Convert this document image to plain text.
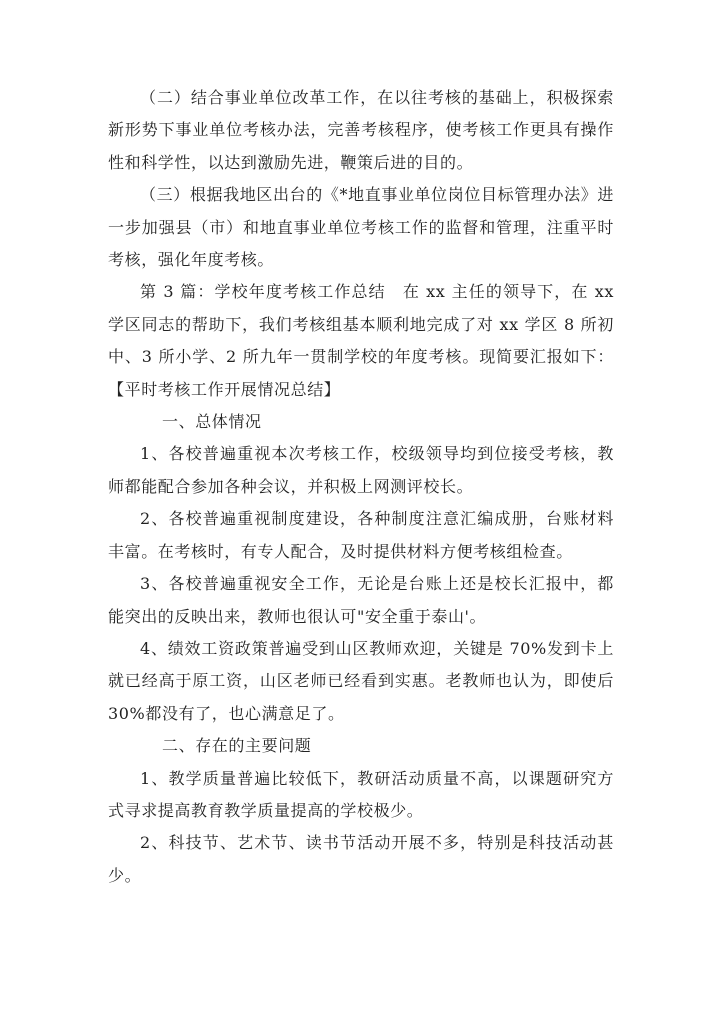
（二）结合事业单位改革工作，在以往考核的基础上，积极探索新形势下事业单位考核办法，完善考核程序，使考核工作更具有操作性和科学性，以达到激励先进，鞭策后进的目的。

（三）根据我地区出台的《*地直事业单位岗位目标管理办法》进一步加强县（市）和地直事业单位考核工作的监督和管理，注重平时考核，强化年度考核。

第 3 篇：学校年度考核工作总结　在 xx 主任的领导下，在 xx 学区同志的帮助下，我们考核组基本顺利地完成了对 xx 学区 8 所初中、3 所小学、2 所九年一贯制学校的年度考核。现简要汇报如下：【平时考核工作开展情况总结】

一、总体情况

1、各校普遍重视本次考核工作，校级领导均到位接受考核，教师都能配合参加各种会议，并积极上网测评校长。

2、各校普遍重视制度建设，各种制度注意汇编成册，台账材料丰富。在考核时，有专人配合，及时提供材料方便考核组检查。

3、各校普遍重视安全工作，无论是台账上还是校长汇报中，都能突出的反映出来，教师也很认可"安全重于泰山'。

4、绩效工资政策普遍受到山区教师欢迎，关键是 70%发到卡上就已经高于原工资，山区老师已经看到实惠。老教师也认为，即使后 30%都没有了，也心满意足了。

二、存在的主要问题

1、教学质量普遍比较低下，教研活动质量不高，以课题研究方式寻求提高教育教学质量提高的学校极少。

2、科技节、艺术节、读书节活动开展不多，特别是科技活动甚少。
